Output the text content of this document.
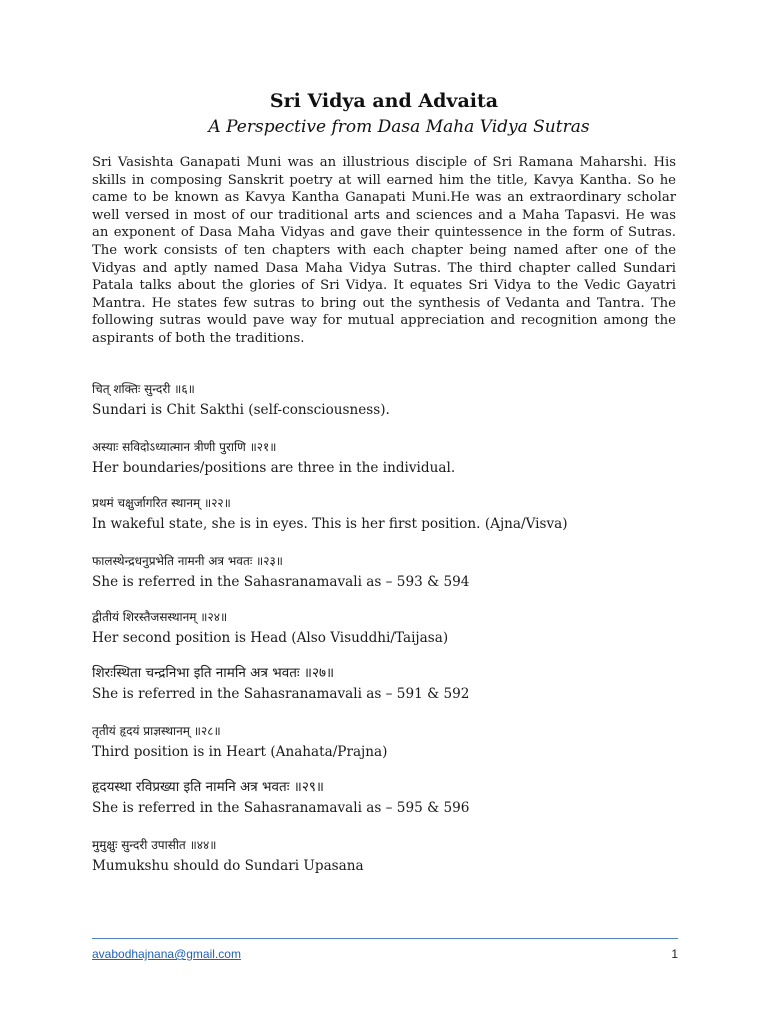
Sri Vidya and Advaita
A Perspective from Dasa Maha Vidya Sutras

Sri Vasishta Ganapati Muni was an illustrious disciple of Sri Ramana Maharshi. His skills in composing Sanskrit poetry at will earned him the title, Kavya Kantha. So he came to be known as Kavya Kantha Ganapati Muni.He was an extraordinary scholar well versed in most of our traditional arts and sciences and a Maha Tapasvi. He was an exponent of Dasa Maha Vidyas and gave their quintessence in the form of Sutras. The work consists of ten chapters with each chapter being named after one of the Vidyas and aptly named Dasa Maha Vidya Sutras. The third chapter called Sundari Patala talks about the glories of Sri Vidya. It equates Sri Vidya to the Vedic Gayatri Mantra. He states few sutras to bring out the synthesis of Vedanta and Tantra. The following sutras would pave way for mutual appreciation and recognition among the aspirants of both the traditions.

चित् शक्तिः सुन्दरी ॥६॥
Sundari is Chit Sakthi (self-consciousness).
अस्याः सविदोऽध्यात्मान त्रीणी पुराणि ॥२१॥
Her boundaries/positions are three in the individual.
प्रथमं चक्षुर्जागरित स्थानम् ॥२२॥
In wakeful state, she is in eyes. This is her first position. (Ajna/Visva)
फालस्थेन्द्रधनुप्रभेति नामनी अत्र भवतः ॥२३॥
She is referred in the Sahasranamavali as – 593 & 594
द्वीतीयं शिरस्तैजसस्थानम् ॥२४॥
Her second position is Head (Also Visuddhi/Taijasa)
शिरःस्थिता चन्द्रनिभा इति नामनि अत्र भवतः ॥२७॥
She is referred in the Sahasranamavali as – 591 & 592
तृतीयं हृदयं प्राज्ञस्थानम् ॥२८॥
Third position is in Heart (Anahata/Prajna)
हृदयस्था रविप्रख्या इति नामनि अत्र भवतः ॥२९॥
She is referred in the Sahasranamavali as – 595 & 596
मुमुक्षुः सुन्दरी उपासीत ॥४४॥
Mumukshu should do Sundari Upasana
avabodhajnana@gmail.com	1
